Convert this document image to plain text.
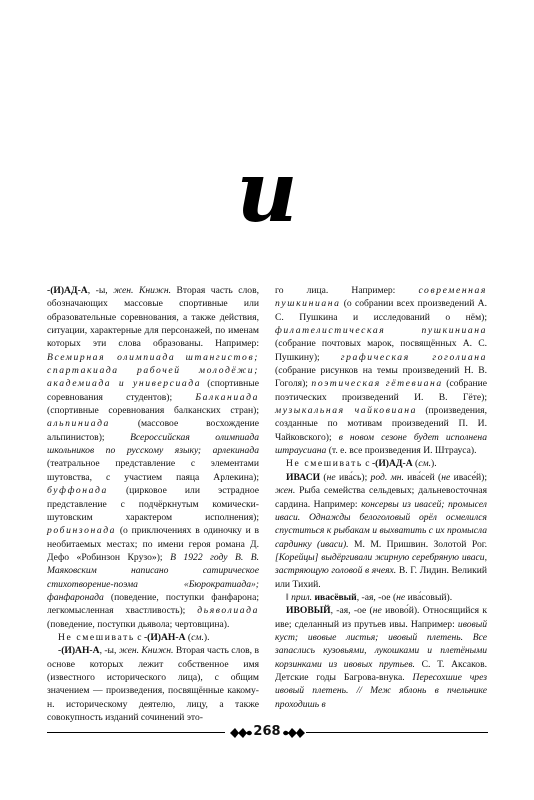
и

-(И)АД-А, -ы, жен. Книжн. Вторая часть слов, обозначающих массовые спортивные или образовательные соревнования, а также действия, ситуации, характерные для персонажей, по именам которых эти слова образованы. Например: Всемирная олимпиада штангистов; спартакиада рабочей молодёжи; академиада и универсиада (спортивные соревнования студентов); Балканиада (спортивные соревнования балканских стран); альпиниада (массовое восхождение альпинистов); Всероссийская олимпиада школьников по русскому языку; арлекинада (театральное представление с элементами шутовства, с участием паяца Арлекина); буффонада (цирковое или эстрадное представление с подчёркнутым комически-шутовским характером исполнения); робинзонада (о приключениях в одиночку и в необитаемых местах; по имени героя романа Д. Дефо «Робинзон Крузо»); В 1922 году В. В. Маяковским написано сатирическое стихотворение-поэма «Бюрократиада»; фанфаронада (поведение, поступки фанфарона; легкомысленная хвастливость); дьяволиада (поведение, поступки дьявола; чертовщина).

Не смешивать с -(И)АН-А (см.).

-(И)АН-А, -ы, жен. Книжн. Вторая часть слов, в основе которых лежит собственное имя (известного исторического лица), с общим значением — произведения, посвящённые какому-н. историческому деятелю, лицу, а также совокупность изданий сочинений это-

го лица. Например: современная пушкиниана (о собрании всех произведений А. С. Пушкина и исследований о нём); филателистическая пушкиниана (собрание почтовых марок, посвящённых А. С. Пушкину); графическая гоголиана (собрание рисунков на темы произведений Н. В. Гоголя); поэтическая гётевиана (собрание поэтических произведений И. В. Гёте); музыкальная чайковиана (произведения, созданные по мотивам произведений П. И. Чайковского); в новом сезоне будет исполнена штраусиана (т. е. все произведения И. Штрауса).

Не смешивать с -(И)АД-А (см.).

ИВАСИ (не ива́сь); род. мн. ива́сей (не ивасе́й); жен. Рыба семейства сельдевых; дальневосточная сардина. Например: консервы из ивасей; промысел иваси. Однажды белоголовый орёл осмелился спуститься к рыбакам и выхватить с их промысла сардинку (иваси). М. М. Пришвин. Золотой Рог. [Корейцы] выдёргивали жирную серебряную иваси, застряющую головой в ячеях. В. Г. Лидин. Великий или Тихий.

‖ прил. ивасёвый, -ая, -ое (не ива́совый).

ИВОВЫЙ, -ая, -ое (не ивово́й). Относящийся к иве; сделанный из прутьев ивы. Например: ивовый куст; ивовые листья; ивовый плетень. Все запаслись кузовьями, лукошками и плетёными корзинками из ивовых прутьев. С. Т. Аксаков. Детские годы Багрова-внука. Пересохшие чрез ивовый плетень. // Меж яблонь в пчельнике проходишь в

268
